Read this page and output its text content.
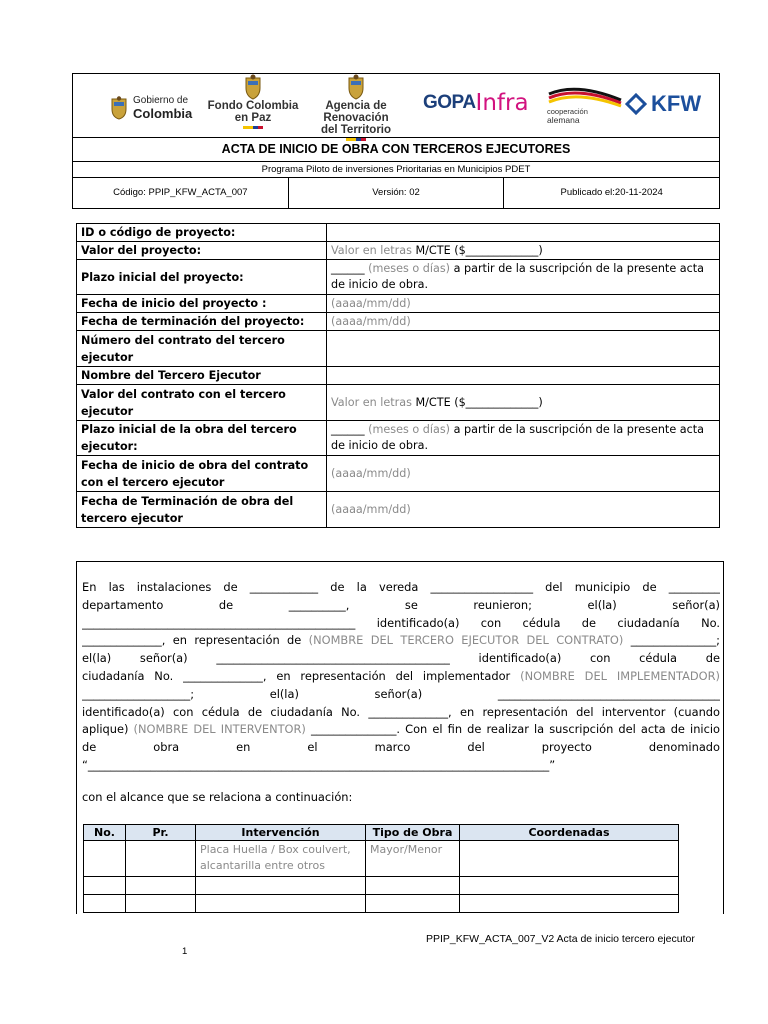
Gobierno de
Colombia Fondo Colombia
en Paz
Agencia de Renovación
del Territorio
GOPA Infra cooperación
alemana
KFW
ACTA DE INICIO DE OBRA CON TERCEROS EJECUTORES
Programa Piloto de inversiones Prioritarias en Municipios PDET
Código: PPIP_KFW_ACTA_007	Versión: 02	Publicado el:20-11-2024
ID o código de proyecto:	
Valor del proyecto:	Valor en letras M/CTE ($_____________)
Plazo inicial del proyecto:	______ (meses o días) a partir de la suscripción de la presente acta de inicio de obra.
Fecha de inicio del proyecto :	(aaaa/mm/dd)
Fecha de terminación del proyecto:	(aaaa/mm/dd)
Número del contrato del tercero ejecutor	
Nombre del Tercero Ejecutor	
Valor del contrato con el tercero ejecutor	Valor en letras M/CTE ($_____________)
Plazo inicial de la obra del tercero ejecutor:	______ (meses o días) a partir de la suscripción de la presente acta de inicio de obra.
Fecha de inicio de obra del contrato con el tercero ejecutor	(aaaa/mm/dd)
Fecha de Terminación de obra del tercero ejecutor	(aaaa/mm/dd)
En las instalaciones de ____________ de la vereda __________________ del municipio de _________
departamento de __________, se reunieron; el(la) señor(a)
________________________________________________ identificado(a) con cédula de ciudadanía No.
______________, en representación de (NOMBRE DEL TERCERO EJECUTOR DEL CONTRATO) _______________;
el(la) señor(a) _________________________________________ identificado(a) con cédula de
ciudadanía No. ______________, en representación del implementador (NOMBRE DEL IMPLEMENTADOR)
___________________; el(la) señor(a) _______________________________________
identificado(a) con cédula de ciudadanía No. ______________, en representación del interventor (cuando
aplique) (NOMBRE DEL INTERVENTOR) _______________. Con el fin de realizar la suscripción del acta de inicio
de obra en el marco del proyecto denominado
“_________________________________________________________________________________”
con el alcance que se relaciona a continuación:
No.	Pr.	Intervención	Tipo de Obra	Coordenadas
		Placa Huella / Box coulvert, alcantarilla entre otros	Mayor/Menor	

PPIP_KFW_ACTA_007_V2 Acta de inicio tercero ejecutor
1
